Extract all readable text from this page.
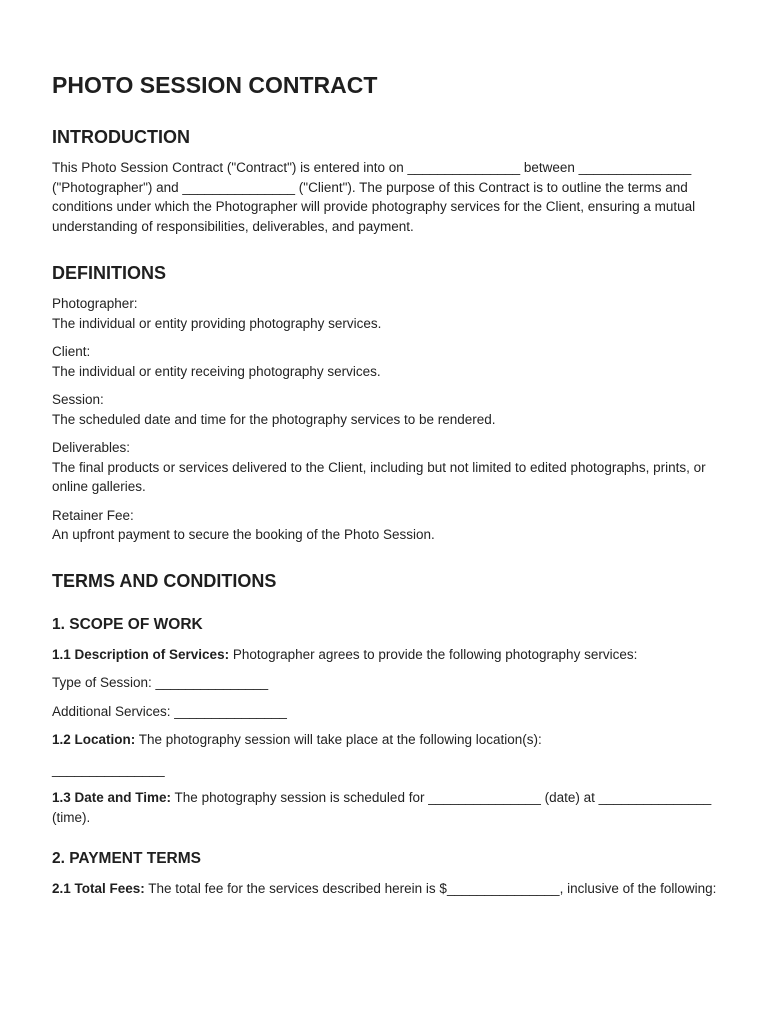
PHOTO SESSION CONTRACT
INTRODUCTION

This Photo Session Contract ("Contract") is entered into on _______________ between _______________ ("Photographer") and _______________ ("Client"). The purpose of this Contract is to outline the terms and conditions under which the Photographer will provide photography services for the Client, ensuring a mutual understanding of responsibilities, deliverables, and payment.

DEFINITIONS
Photographer:
The individual or entity providing photography services.
Client:
The individual or entity receiving photography services.
Session:
The scheduled date and time for the photography services to be rendered.
Deliverables:
The final products or services delivered to the Client, including but not limited to edited photographs, prints, or online galleries.
Retainer Fee:
An upfront payment to secure the booking of the Photo Session.
TERMS AND CONDITIONS
1. SCOPE OF WORK

1.1 Description of Services: Photographer agrees to provide the following photography services:

Type of Session: _______________

Additional Services: _______________

1.2 Location: The photography session will take place at the following location(s):

_______________

1.3 Date and Time: The photography session is scheduled for _______________ (date) at _______________ (time).

2. PAYMENT TERMS

2.1 Total Fees: The total fee for the services described herein is $_______________, inclusive of the following:
